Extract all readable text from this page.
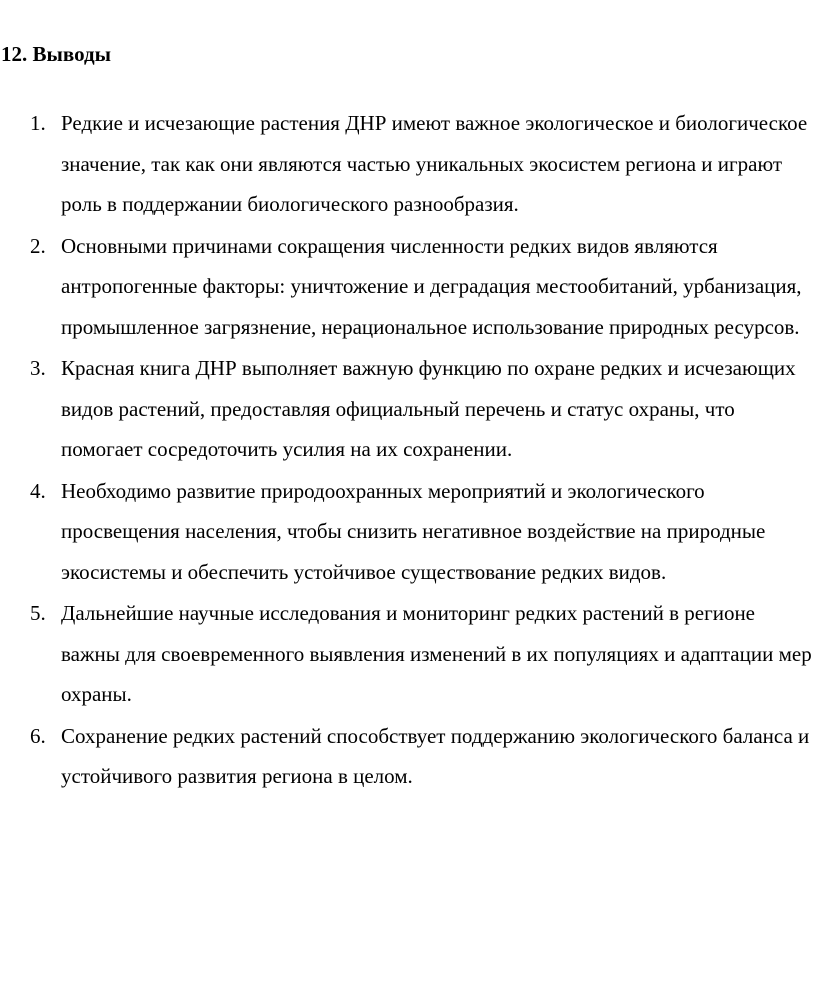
12. Выводы
1. Редкие и исчезающие растения ДНР имеют важное экологическое и биологическое значение, так как они являются частью уникальных экосистем региона и играют роль в поддержании биологического разнообразия.
2. Основными причинами сокращения численности редких видов являются антропогенные факторы: уничтожение и деградация местообитаний, урбанизация, промышленное загрязнение, нерациональное использование природных ресурсов.
3. Красная книга ДНР выполняет важную функцию по охране редких и исчезающих видов растений, предоставляя официальный перечень и статус охраны, что помогает сосредоточить усилия на их сохранении.
4. Необходимо развитие природоохранных мероприятий и экологического просвещения населения, чтобы снизить негативное воздействие на природные экосистемы и обеспечить устойчивое существование редких видов.
5. Дальнейшие научные исследования и мониторинг редких растений в регионе важны для своевременного выявления изменений в их популяциях и адаптации мер охраны.
6. Сохранение редких растений способствует поддержанию экологического баланса и устойчивого развития региона в целом.
